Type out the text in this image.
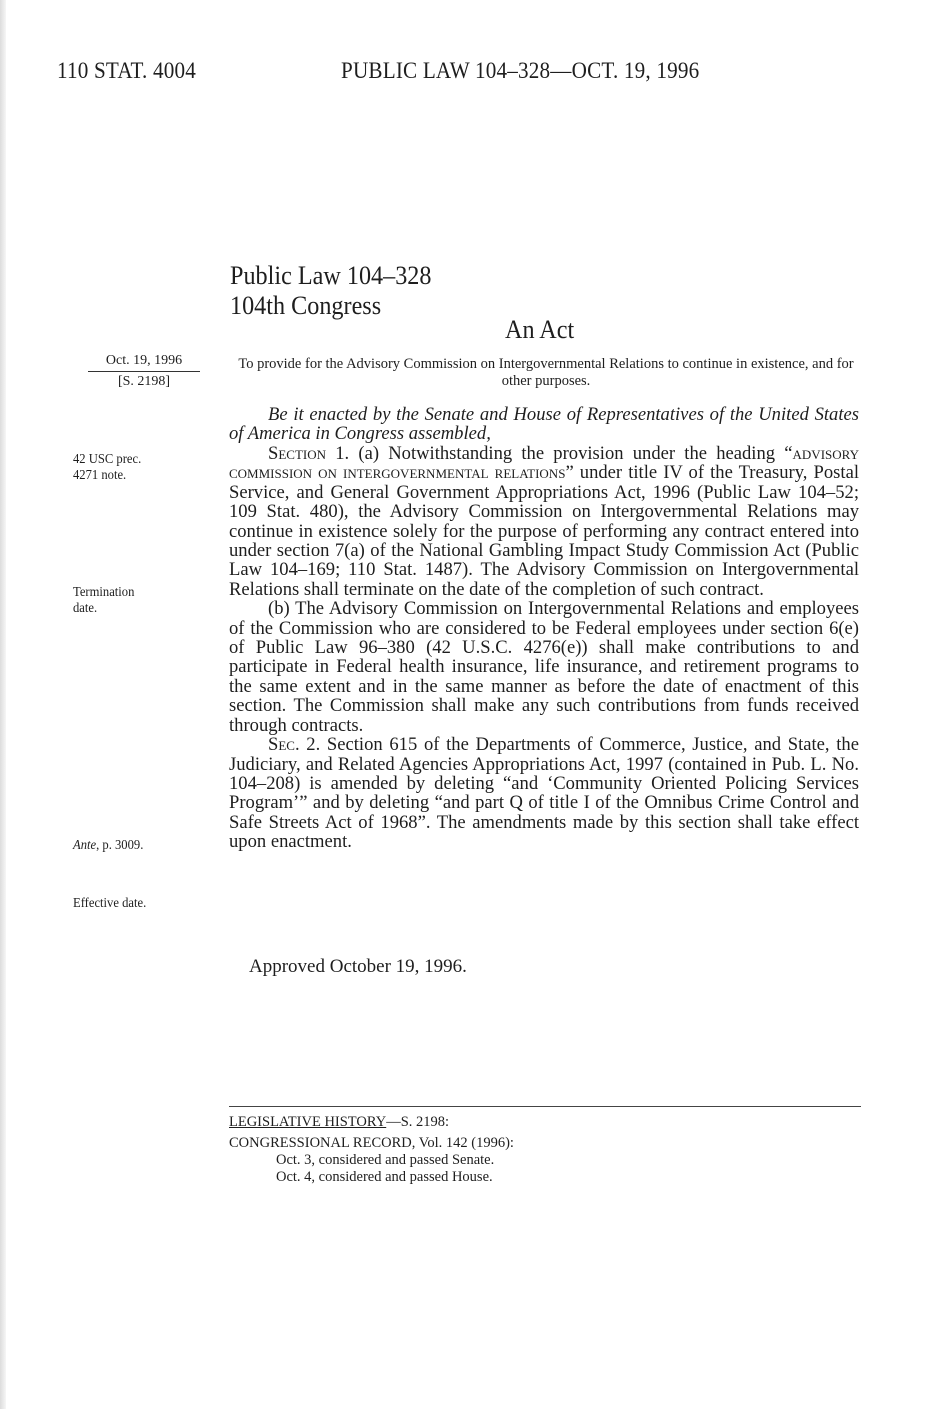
110 STAT. 4004	PUBLIC LAW 104–328—OCT. 19, 1996
Public Law 104–328
104th Congress
An Act
Oct. 19, 1996
[S. 2198]
To provide for the Advisory Commission on Intergovernmental Relations to continue in existence, and for other purposes.
42 USC prec.
4271 note.
Termination
date.
Ante, p. 3009.
Effective date.

Be it enacted by the Senate and House of Representatives of the United States of America in Congress assembled,

Section 1. (a) Notwithstanding the provision under the heading “advisory commission on intergovernmental relations” under title IV of the Treasury, Postal Service, and General Government Appropriations Act, 1996 (Public Law 104–52; 109 Stat. 480), the Advisory Commission on Intergovernmental Relations may continue in existence solely for the purpose of performing any contract entered into under section 7(a) of the National Gambling Impact Study Commission Act (Public Law 104–169; 110 Stat. 1487). The Advisory Commission on Intergovernmental Relations shall terminate on the date of the completion of such contract.

(b) The Advisory Commission on Intergovernmental Relations and employees of the Commission who are considered to be Federal employees under section 6(e) of Public Law 96–380 (42 U.S.C. 4276(e)) shall make contributions to and participate in Federal health insurance, life insurance, and retirement programs to the same extent and in the same manner as before the date of enactment of this section. The Commission shall make any such contributions from funds received through contracts.

Sec. 2. Section 615 of the Departments of Commerce, Justice, and State, the Judiciary, and Related Agencies Appropriations Act, 1997 (contained in Pub. L. No. 104–208) is amended by deleting “and ‘Community Oriented Policing Services Program’” and by deleting “and part Q of title I of the Omnibus Crime Control and Safe Streets Act of 1968”. The amendments made by this section shall take effect upon enactment.

Approved October 19, 1996.
LEGISLATIVE HISTORY—S. 2198:
CONGRESSIONAL RECORD, Vol. 142 (1996):
Oct. 3, considered and passed Senate.
Oct. 4, considered and passed House.
